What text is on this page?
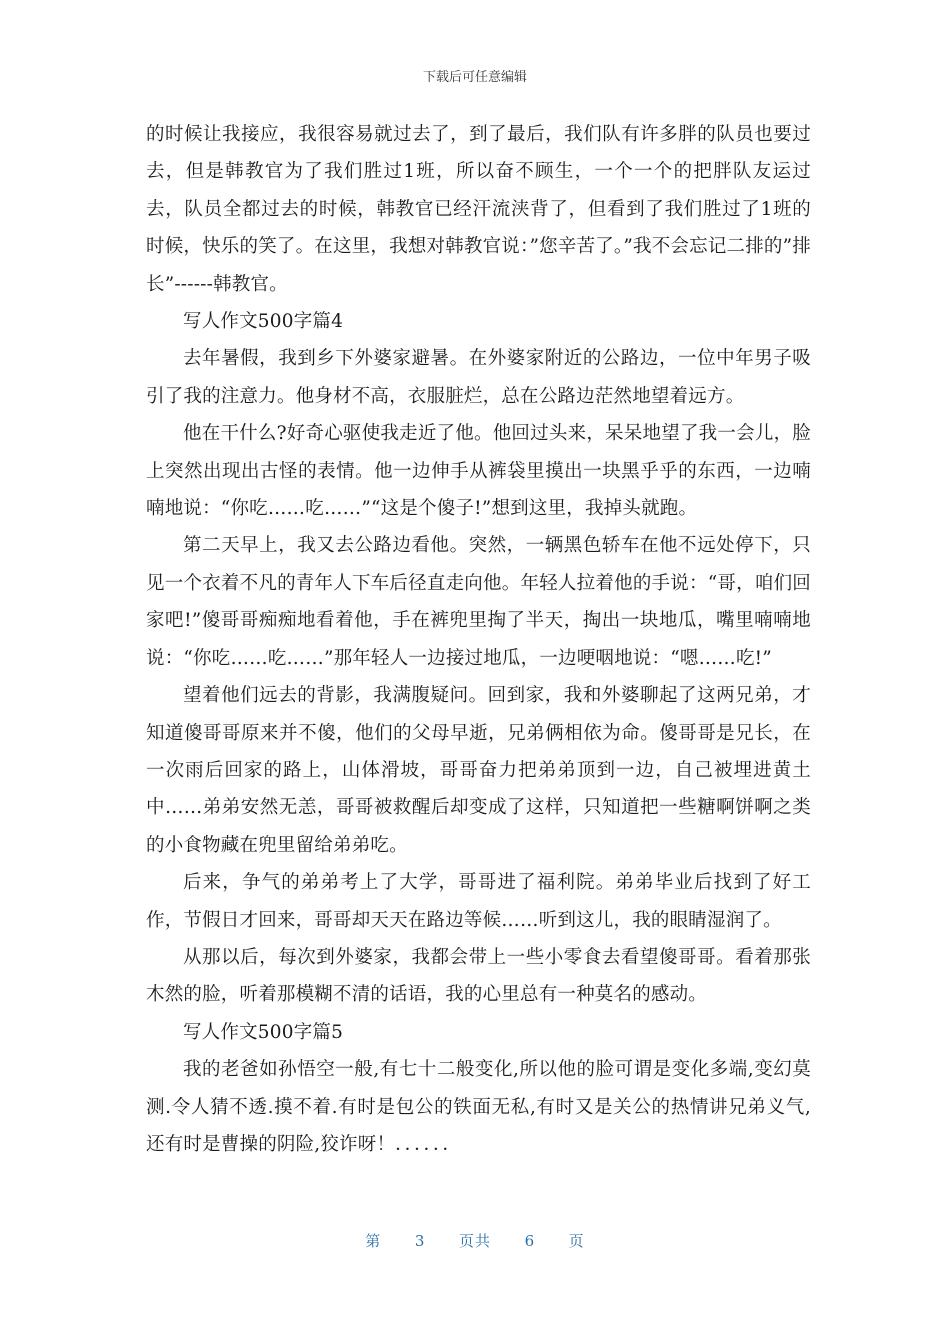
下载后可任意编辑

的时候让我接应，我很容易就过去了，到了最后，我们队有许多胖的队员也要过去，但是韩教官为了我们胜过1班，所以奋不顾生，一个一个的把胖队友运过去，队员全都过去的时候，韩教官已经汗流浃背了，但看到了我们胜过了1班的时候，快乐的笑了。在这里，我想对韩教官说：”您辛苦了。”我不会忘记二排的”排长”------韩教官。

写人作文500字篇4

去年暑假，我到乡下外婆家避暑。在外婆家附近的公路边，一位中年男子吸引了我的注意力。他身材不高，衣服脏烂，总在公路边茫然地望着远方。

他在干什么?好奇心驱使我走近了他。他回过头来，呆呆地望了我一会儿，脸上突然出现出古怪的表情。他一边伸手从裤袋里摸出一块黑乎乎的东西，一边喃喃地说：“你吃……吃……”“这是个傻子!”想到这里，我掉头就跑。

第二天早上，我又去公路边看他。突然，一辆黑色轿车在他不远处停下，只见一个衣着不凡的青年人下车后径直走向他。年轻人拉着他的手说：“哥，咱们回家吧!”傻哥哥痴痴地看着他，手在裤兜里掏了半天，掏出一块地瓜，嘴里喃喃地说：“你吃……吃……”那年轻人一边接过地瓜，一边哽咽地说：“嗯……吃!”

望着他们远去的背影，我满腹疑问。回到家，我和外婆聊起了这两兄弟，才知道傻哥哥原来并不傻，他们的父母早逝，兄弟俩相依为命。傻哥哥是兄长，在一次雨后回家的路上，山体滑坡，哥哥奋力把弟弟顶到一边，自己被埋进黄土中……弟弟安然无恙，哥哥被救醒后却变成了这样，只知道把一些糖啊饼啊之类的小食物藏在兜里留给弟弟吃。

后来，争气的弟弟考上了大学，哥哥进了福利院。弟弟毕业后找到了好工作，节假日才回来，哥哥却天天在路边等候……听到这儿，我的眼睛湿润了。

从那以后，每次到外婆家，我都会带上一些小零食去看望傻哥哥。看着那张木然的脸，听着那模糊不清的话语，我的心里总有一种莫名的感动。

写人作文500字篇5

我的老爸如孙悟空一般,有七十二般变化,所以他的脸可谓是变化多端,变幻莫测.令人猜不透.摸不着.有时是包公的铁面无私,有时又是关公的热情讲兄弟义气,还有时是曹操的阴险,狡诈呀！．．．．．．

第 3 页共 6 页
